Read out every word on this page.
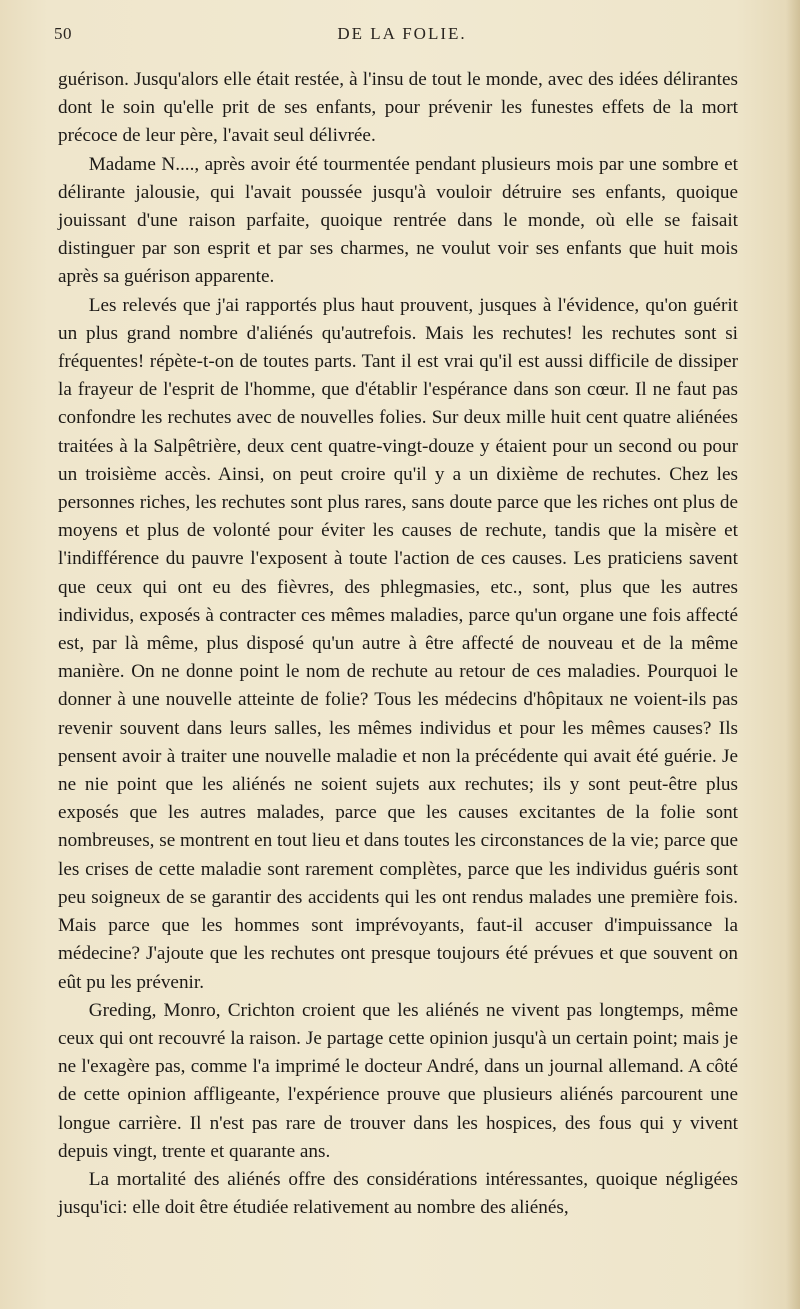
50	DE LA FOLIE.

guérison. Jusqu'alors elle était restée, à l'insu de tout le monde, avec des idées délirantes dont le soin qu'elle prit de ses enfants, pour prévenir les funestes effets de la mort précoce de leur père, l'avait seul délivrée.

Madame N...., après avoir été tourmentée pendant plusieurs mois par une sombre et délirante jalousie, qui l'avait poussée jusqu'à vouloir détruire ses enfants, quoique jouissant d'une raison parfaite, quoique rentrée dans le monde, où elle se faisait distinguer par son esprit et par ses charmes, ne voulut voir ses enfants que huit mois après sa guérison apparente.

Les relevés que j'ai rapportés plus haut prouvent, jusques à l'évidence, qu'on guérit un plus grand nombre d'aliénés qu'autrefois. Mais les rechutes! les rechutes sont si fréquentes! répète-t-on de toutes parts. Tant il est vrai qu'il est aussi difficile de dissiper la frayeur de l'esprit de l'homme, que d'établir l'espérance dans son cœur. Il ne faut pas confondre les rechutes avec de nouvelles folies. Sur deux mille huit cent quatre aliénées traitées à la Salpêtrière, deux cent quatre-vingt-douze y étaient pour un second ou pour un troisième accès. Ainsi, on peut croire qu'il y a un dixième de rechutes. Chez les personnes riches, les rechutes sont plus rares, sans doute parce que les riches ont plus de moyens et plus de volonté pour éviter les causes de rechute, tandis que la misère et l'indifférence du pauvre l'exposent à toute l'action de ces causes. Les praticiens savent que ceux qui ont eu des fièvres, des phlegmasies, etc., sont, plus que les autres individus, exposés à contracter ces mêmes maladies, parce qu'un organe une fois affecté est, par là même, plus disposé qu'un autre à être affecté de nouveau et de la même manière. On ne donne point le nom de rechute au retour de ces maladies. Pourquoi le donner à une nouvelle atteinte de folie? Tous les médecins d'hôpitaux ne voient-ils pas revenir souvent dans leurs salles, les mêmes individus et pour les mêmes causes? Ils pensent avoir à traiter une nouvelle maladie et non la précédente qui avait été guérie. Je ne nie point que les aliénés ne soient sujets aux rechutes; ils y sont peut-être plus exposés que les autres malades, parce que les causes excitantes de la folie sont nombreuses, se montrent en tout lieu et dans toutes les circonstances de la vie; parce que les crises de cette maladie sont rarement complètes, parce que les individus guéris sont peu soigneux de se garantir des accidents qui les ont rendus malades une première fois. Mais parce que les hommes sont imprévoyants, faut-il accuser d'impuissance la médecine? J'ajoute que les rechutes ont presque toujours été prévues et que souvent on eût pu les prévenir.

Greding, Monro, Crichton croient que les aliénés ne vivent pas longtemps, même ceux qui ont recouvré la raison. Je partage cette opinion jusqu'à un certain point; mais je ne l'exagère pas, comme l'a imprimé le docteur André, dans un journal allemand. A côté de cette opinion affligeante, l'expérience prouve que plusieurs aliénés parcourent une longue carrière. Il n'est pas rare de trouver dans les hospices, des fous qui y vivent depuis vingt, trente et quarante ans.

La mortalité des aliénés offre des considérations intéressantes, quoique négligées jusqu'ici: elle doit être étudiée relativement au nombre des aliénés,
